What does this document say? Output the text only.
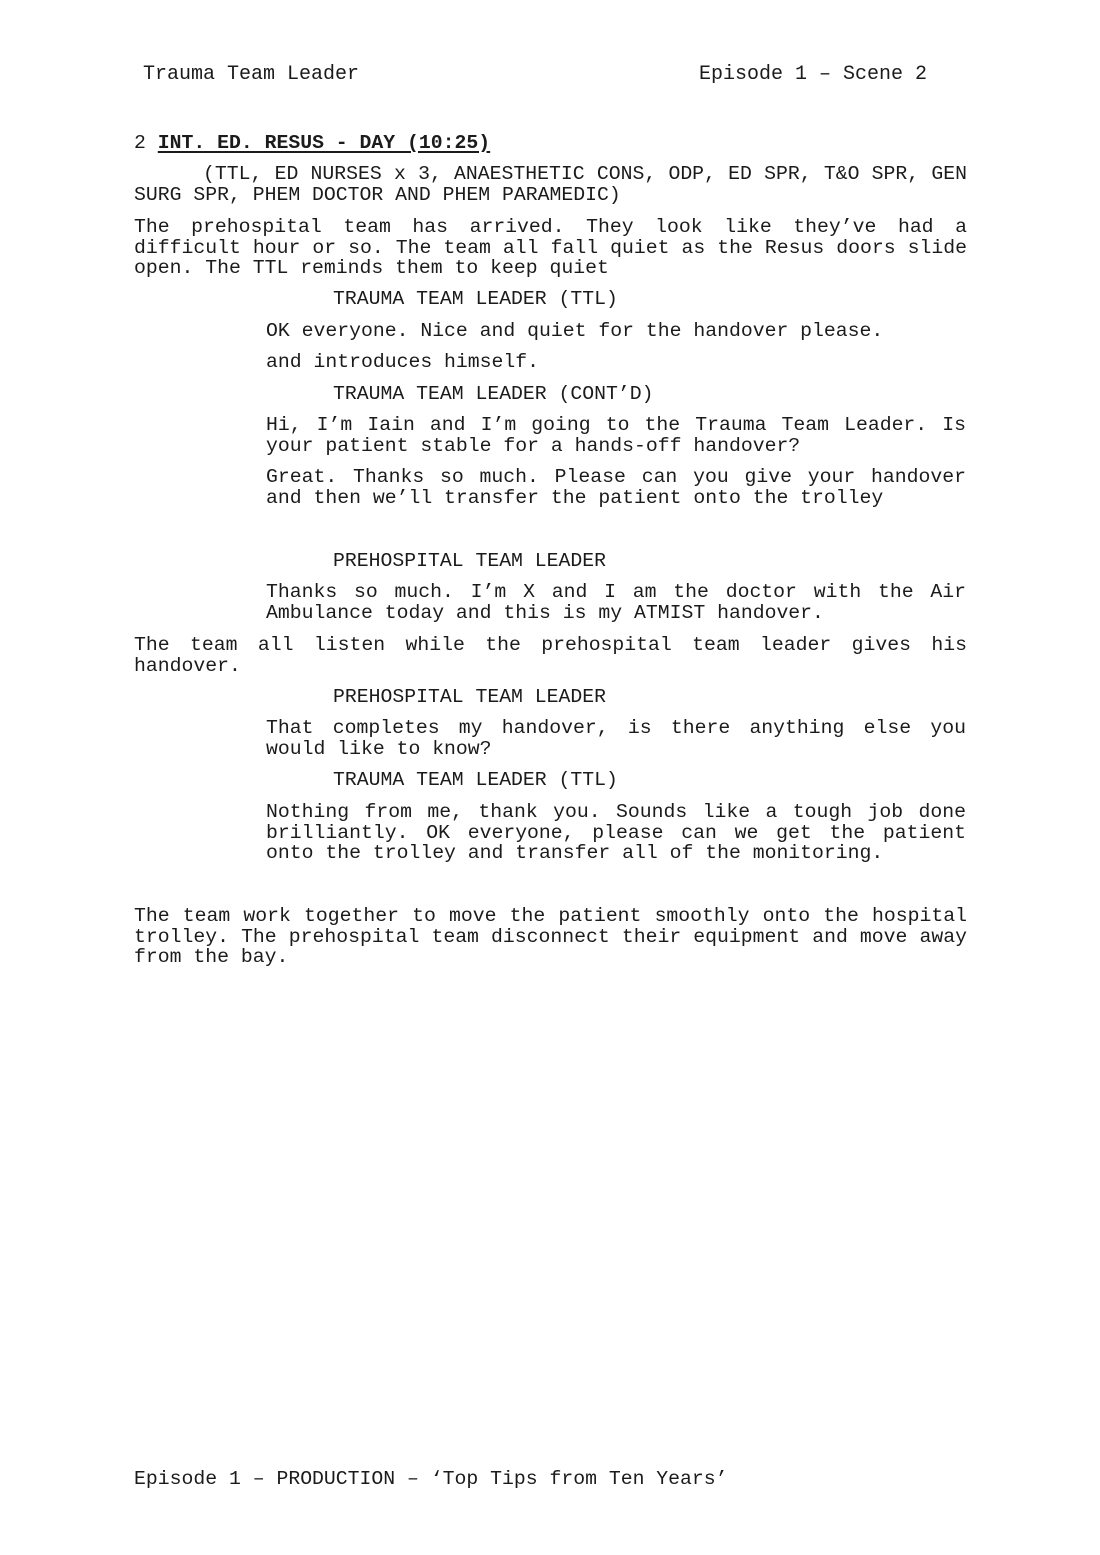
Trauma Team Leader	Episode 1 – Scene 2
2 INT. ED. RESUS - DAY (10:25)
(TTL, ED NURSES x 3, ANAESTHETIC CONS, ODP, ED SPR, T&O SPR, GEN
SURG SPR, PHEM DOCTOR AND PHEM PARAMEDIC)
The prehospital team has arrived. They look like they’ve had a
difficult hour or so. The team all fall quiet as the Resus doors slide
open. The TTL reminds them to keep quiet
TRAUMA TEAM LEADER (TTL)
OK everyone. Nice and quiet for the handover please.
and introduces himself.
TRAUMA TEAM LEADER (CONT’D)
Hi, I’m Iain and I’m going to the Trauma Team Leader. Is
your patient stable for a hands-off handover?
Great. Thanks so much. Please can you give your handover
and then we’ll transfer the patient onto the trolley
PREHOSPITAL TEAM LEADER
Thanks so much. I’m X and I am the doctor with the Air
Ambulance today and this is my ATMIST handover.
The team all listen while the prehospital team leader gives his
handover.
PREHOSPITAL TEAM LEADER
That completes my handover, is there anything else you
would like to know?
TRAUMA TEAM LEADER (TTL)
Nothing from me, thank you. Sounds like a tough job done
brilliantly. OK everyone, please can we get the patient
onto the trolley and transfer all of the monitoring.
The team work together to move the patient smoothly onto the hospital
trolley. The prehospital team disconnect their equipment and move away
from the bay.
Episode 1 – PRODUCTION – ‘Top Tips from Ten Years’
